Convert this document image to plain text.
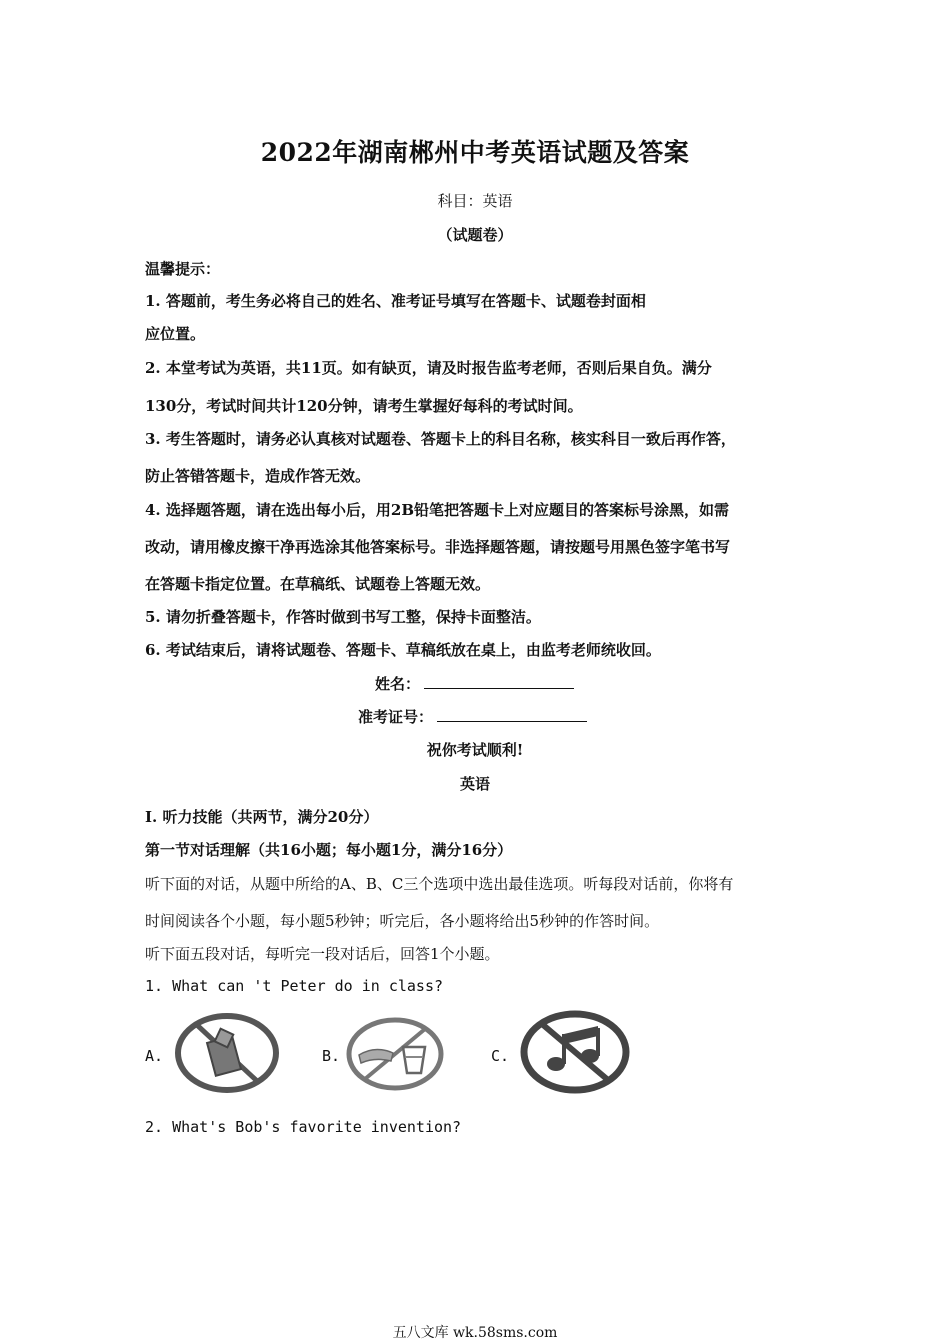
2022年湖南郴州中考英语试题及答案
科目：英语
（试题卷）
温馨提示：
1. 答题前，考生务必将自己的姓名、准考证号填写在答题卡、试题卷封面相
应位置。
2. 本堂考试为英语，共11页。如有缺页，请及时报告监考老师，否则后果自负。满分
130分，考试时间共计120分钟，请考生掌握好每科的考试时间。
3. 考生答题时，请务必认真核对试题卷、答题卡上的科目名称，核实科目一致后再作答，
防止答错答题卡，造成作答无效。
4. 选择题答题，请在选出每小后，用2B铅笔把答题卡上对应题目的答案标号涂黑，如需
改动，请用橡皮擦干净再选涂其他答案标号。非选择题答题，请按题号用黑色签字笔书写
在答题卡指定位置。在草稿纸、试题卷上答题无效。
5. 请勿折叠答题卡，作答时做到书写工整，保持卡面整洁。
6. 考试结束后，请将试题卷、答题卡、草稿纸放在桌上，由监考老师统收回。
姓名：
准考证号：
祝你考试顺利!
英语
I. 听力技能（共两节，满分20分）
第一节对话理解（共16小题；每小题1分，满分16分）
听下面的对话，从题中所给的A、B、C三个选项中选出最佳选项。听每段对话前，你将有
时间阅读各个小题，每小题5秒钟；听完后，各小题将给出5秒钟的作答时间。
听下面五段对话，每听完一段对话后，回答1个小题。
1. What can 't Peter do in class?
A.	B.	C.
2. What's Bob's favorite invention?
五八文库 wk.58sms.com
